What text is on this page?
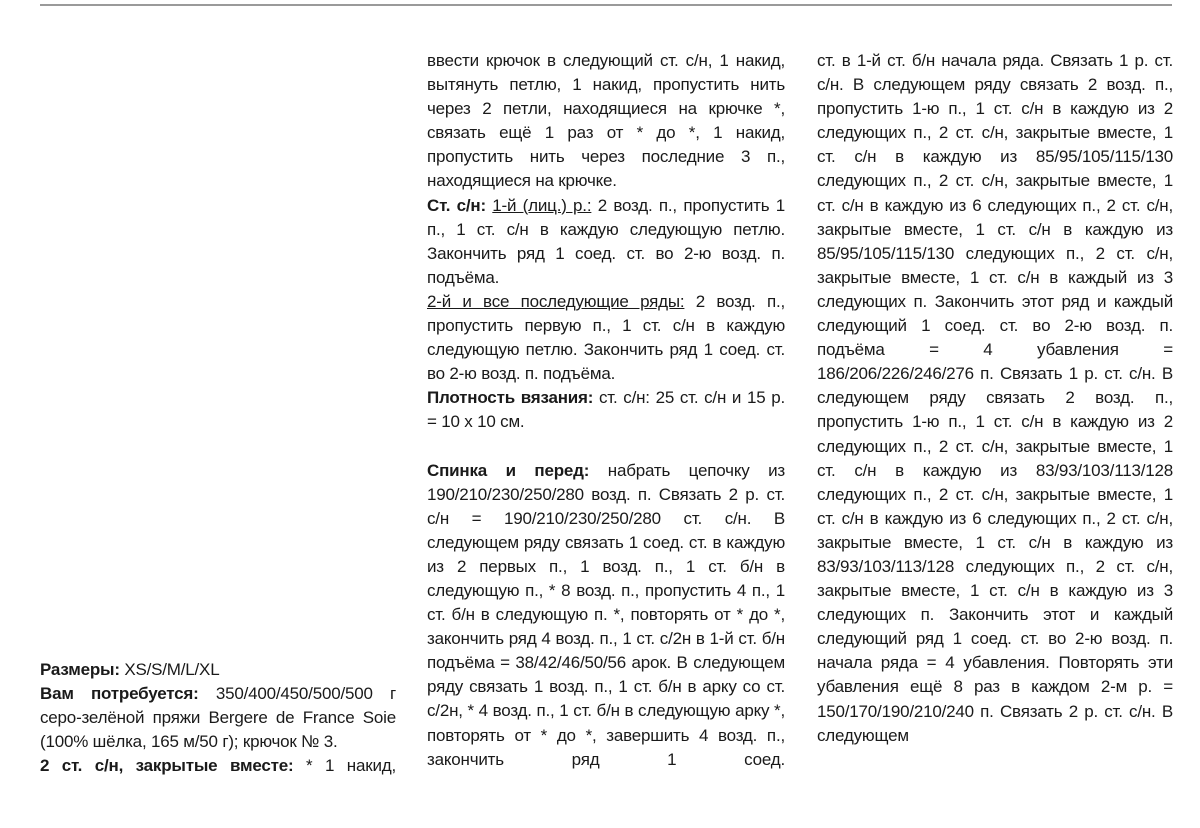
Размеры: XS/S/M/L/XL

Вам потребуется: 350/400/450/500/500 г серо-зелёной пряжи Bergere de France Soie (100% шёлка, 165 м/50 г); крючок № 3.

2 ст. с/н, закрытые вместе: * 1 накид,

ввести крючок в следующий ст. с/н, 1 накид, вытянуть петлю, 1 накид, пропустить нить через 2 петли, находящиеся на крючке *, связать ещё 1 раз от * до *, 1 накид, пропустить нить через последние 3 п., находящиеся на крючке.

Ст. с/н: 1-й (лиц.) р.: 2 возд. п., пропустить 1 п., 1 ст. с/н в каждую следующую петлю. Закончить ряд 1 соед. ст. во 2-ю возд. п. подъёма.

2-й и все последующие ряды: 2 возд. п., пропустить первую п., 1 ст. с/н в каждую следующую петлю. Закончить ряд 1 соед. ст. во 2-ю возд. п. подъёма.

Плотность вязания: ст. с/н: 25 ст. с/н и 15 р. = 10 х 10 см.

Спинка и перед: набрать цепочку из 190/210/230/250/280 возд. п. Связать 2 р. ст. с/н = 190/210/230/250/280 ст. с/н. В следующем ряду связать 1 соед. ст. в каждую из 2 первых п., 1 возд. п., 1 ст. б/н в следующую п., * 8 возд. п., пропустить 4 п., 1 ст. б/н в следующую п. *, повторять от * до *, закончить ряд 4 возд. п., 1 ст. с/2н в 1-й ст. б/н подъёма = 38/42/46/50/56 арок. В следующем ряду связать 1 возд. п., 1 ст. б/н в арку со ст. с/2н, * 4 возд. п., 1 ст. б/н в следующую арку *, повторять от * до *, завершить 4 возд. п., закончить ряд 1 соед.

ст. в 1-й ст. б/н начала ряда. Связать 1 р. ст. с/н. В следующем ряду связать 2 возд. п., пропустить 1-ю п., 1 ст. с/н в каждую из 2 следующих п., 2 ст. с/н, закрытые вместе, 1 ст. с/н в каждую из 85/95/105/115/130 следующих п., 2 ст. с/н, закрытые вместе, 1 ст. с/н в каждую из 6 следующих п., 2 ст. с/н, закрытые вместе, 1 ст. с/н в каждую из 85/95/105/115/130 следующих п., 2 ст. с/н, закрытые вместе, 1 ст. с/н в каждый из 3 следующих п. Закончить этот ряд и каждый следующий 1 соед. ст. во 2-ю возд. п. подъёма = 4 убавления = 186/206/226/246/276 п. Связать 1 р. ст. с/н. В следующем ряду связать 2 возд. п., пропустить 1-ю п., 1 ст. с/н в каждую из 2 следующих п., 2 ст. с/н, закрытые вместе, 1 ст. с/н в каждую из 83/93/103/113/128 следующих п., 2 ст. с/н, закрытые вместе, 1 ст. с/н в каждую из 6 следующих п., 2 ст. с/н, закрытые вместе, 1 ст. с/н в каждую из 83/93/103/113/128 следующих п., 2 ст. с/н, закрытые вместе, 1 ст. с/н в каждую из 3 следующих п. Закончить этот и каждый следующий ряд 1 соед. ст. во 2-ю возд. п. начала ряда = 4 убавления. Повторять эти убавления ещё 8 раз в каждом 2-м р. = 150/170/190/210/240 п. Связать 2 р. ст. с/н. В следующем
